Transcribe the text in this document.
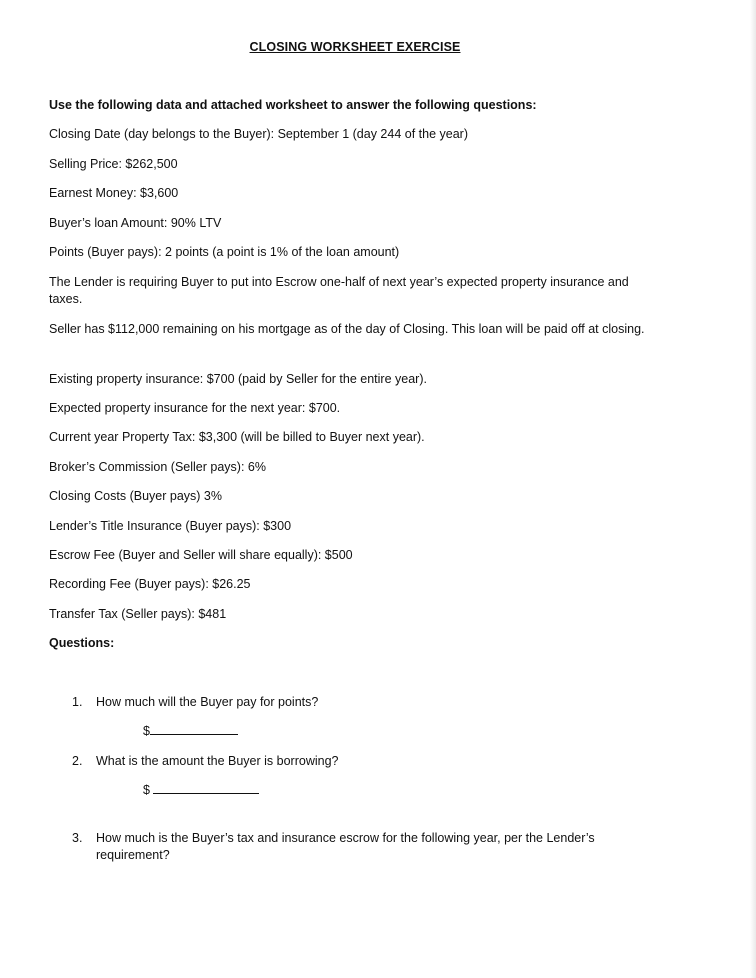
CLOSING WORKSHEET EXERCISE
Use the following data and attached worksheet to answer the following questions:
Closing Date (day belongs to the Buyer): September 1 (day 244 of the year)
Selling Price: $262,500
Earnest Money: $3,600
Buyer’s loan Amount: 90% LTV
Points (Buyer pays): 2 points (a point is 1% of the loan amount)
The Lender is requiring Buyer to put into Escrow one-half of next year’s expected property insurance and taxes.
Seller has $112,000 remaining on his mortgage as of the day of Closing. This loan will be paid off at closing.
Existing property insurance: $700 (paid by Seller for the entire year).
Expected property insurance for the next year: $700.
Current year Property Tax: $3,300 (will be billed to Buyer next year).
Broker’s Commission (Seller pays): 6%
Closing Costs (Buyer pays) 3%
Lender’s Title Insurance (Buyer pays): $300
Escrow Fee (Buyer and Seller will share equally): $500
Recording Fee (Buyer pays): $26.25
Transfer Tax (Seller pays): $481
Questions:
1.	How much will the Buyer pay for points?
$
2.	What is the amount the Buyer is borrowing?
$
3.	How much is the Buyer’s tax and insurance escrow for the following year, per the Lender’s requirement?
